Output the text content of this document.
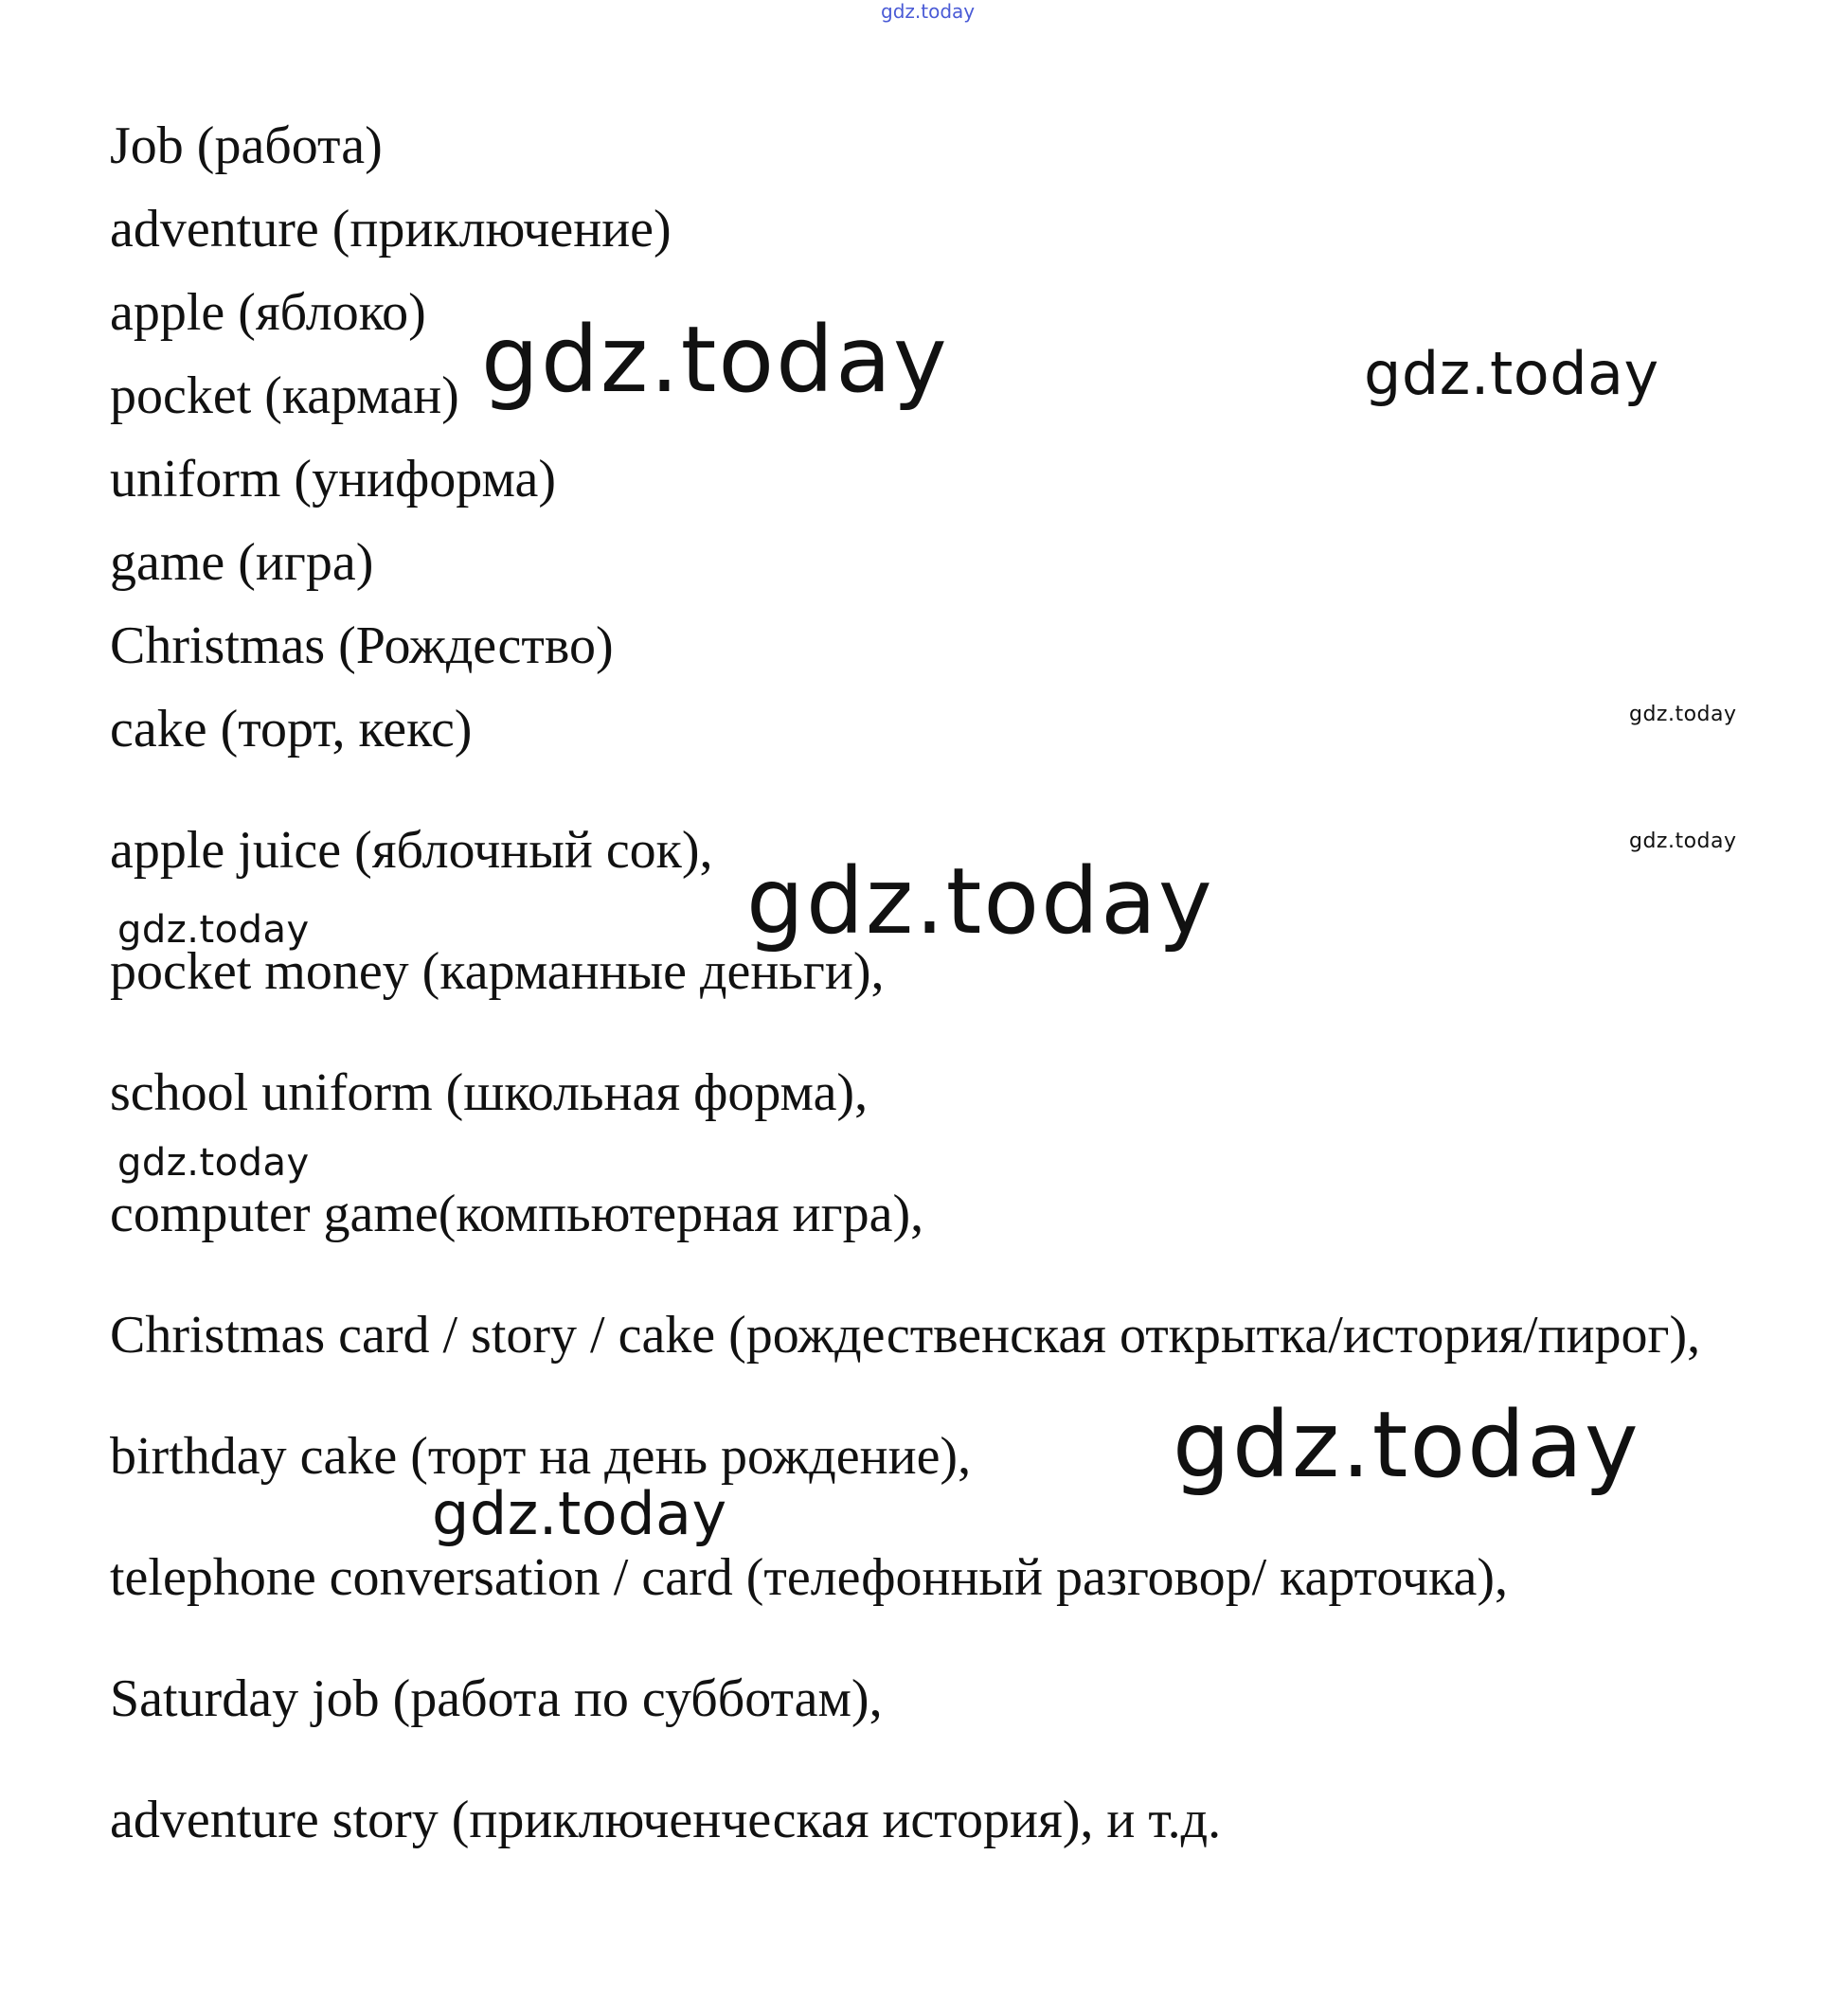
gdz.today
Job (работа)
adventure (приключение)
apple (яблоко)
pocket (карман)
uniform (униформа)
game (игра)
Christmas (Рождество)
cake (торт, кекс)
apple juice (яблочный сок),
pocket money (карманные деньги),
school uniform (школьная форма),
computer game(компьютерная игра),
Christmas card / story / cake (рождественская открытка/история/пирог),
birthday cake (торт на день рождение),
telephone conversation / card (телефонный разговор/ карточка),
Saturday job (работа по субботам),
adventure story (приключенческая история), и т.д.
gdz.today	gdz.today
gdz.today
gdz.today
gdz.today
gdz.today
gdz.today
gdz.today
gdz.today
